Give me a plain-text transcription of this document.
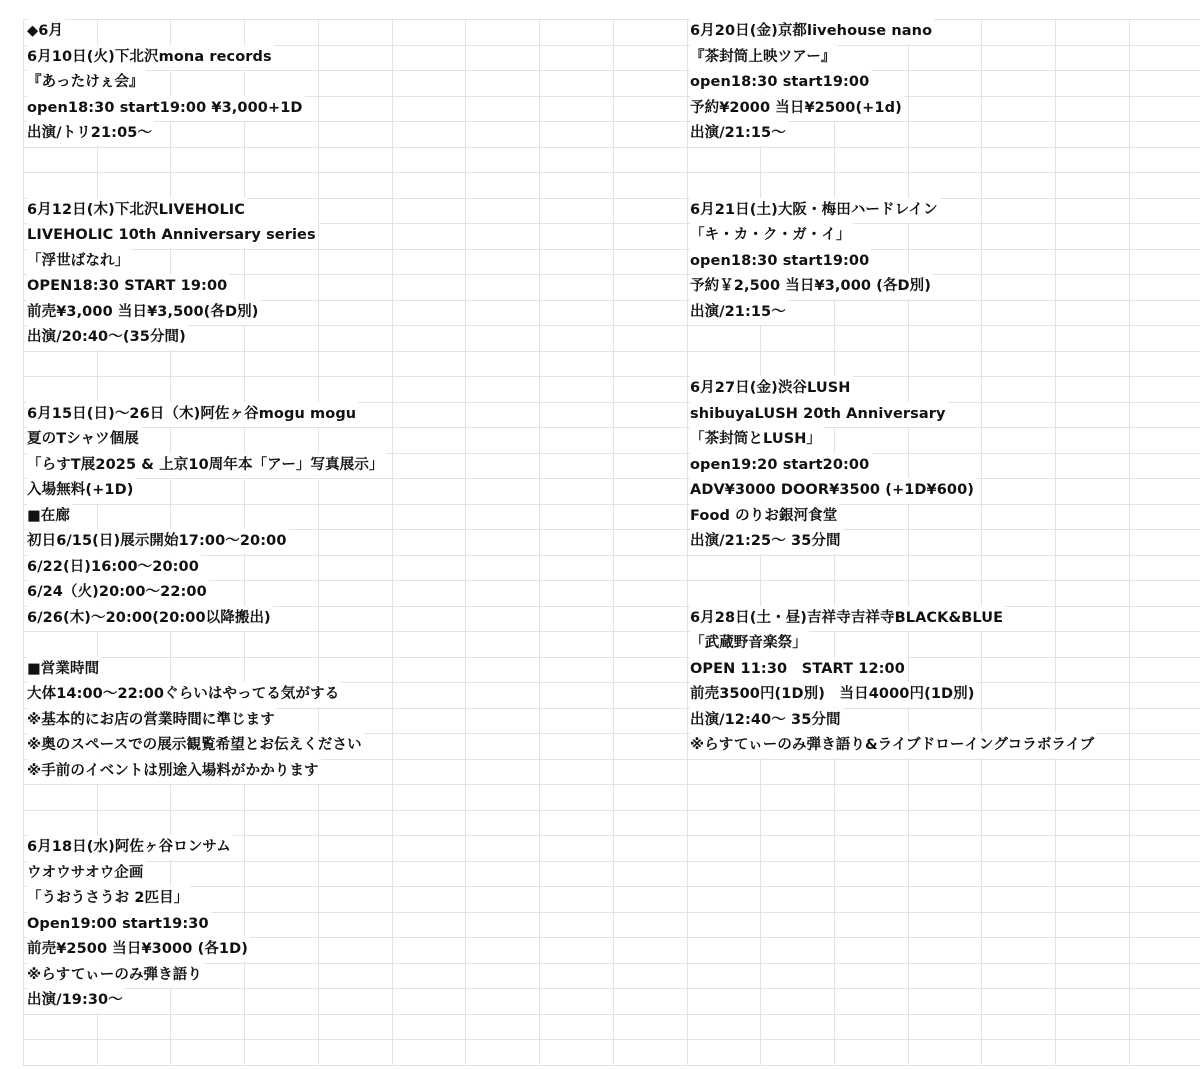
◆6月
6月10日(火)下北沢mona records
『あったけぇ会』
open18:30 start19:00 ¥3,000+1D
出演/トリ21:05〜
6月12日(木)下北沢LIVEHOLIC
LIVEHOLIC 10th Anniversary series
「浮世ばなれ」
OPEN18:30 START 19:00
前売¥3,000 当日¥3,500(各D別)
出演/20:40〜(35分間)
6月15日(日)〜26日（木)阿佐ヶ谷mogu mogu
夏のTシャツ個展
「らすT展2025 & 上京10周年本「アー」写真展示」
入場無料(+1D)
■在廊
初日6/15(日)展示開始17:00〜20:00
6/22(日)16:00〜20:00
6/24（火)20:00〜22:00
6/26(木)〜20:00(20:00以降搬出)
■営業時間
大体14:00〜22:00ぐらいはやってる気がする
※基本的にお店の営業時間に準じます
※奥のスペースでの展示観覧希望とお伝えください
※手前のイベントは別途入場料がかかります
6月18日(水)阿佐ヶ谷ロンサム
ウオウサオウ企画
「うおうさうお 2匹目」
Open19:00 start19:30
前売¥2500 当日¥3000 (各1D)
※らすてぃーのみ弾き語り
出演/19:30〜
6月20日(金)京都livehouse nano
『茶封筒上映ツアー』
open18:30 start19:00
予約¥2000 当日¥2500(+1d)
出演/21:15〜
6月21日(土)大阪・梅田ハードレイン
「キ・カ・ク・ガ・イ」
open18:30 start19:00
予約￥2,500 当日¥3,000 (各D別)
出演/21:15〜
6月27日(金)渋谷LUSH
shibuyaLUSH 20th Anniversary
「茶封筒とLUSH」
open19:20 start20:00
ADV¥3000 DOOR¥3500 (+1D¥600)
Food のりお銀河食堂
出演/21:25〜 35分間
6月28日(土・昼)吉祥寺吉祥寺BLACK&BLUE
「武蔵野音楽祭」
OPEN 11:30　START 12:00
前売3500円(1D別)　当日4000円(1D別)
出演/12:40〜 35分間
※らすてぃーのみ弾き語り&ライブドローイングコラボライブ
